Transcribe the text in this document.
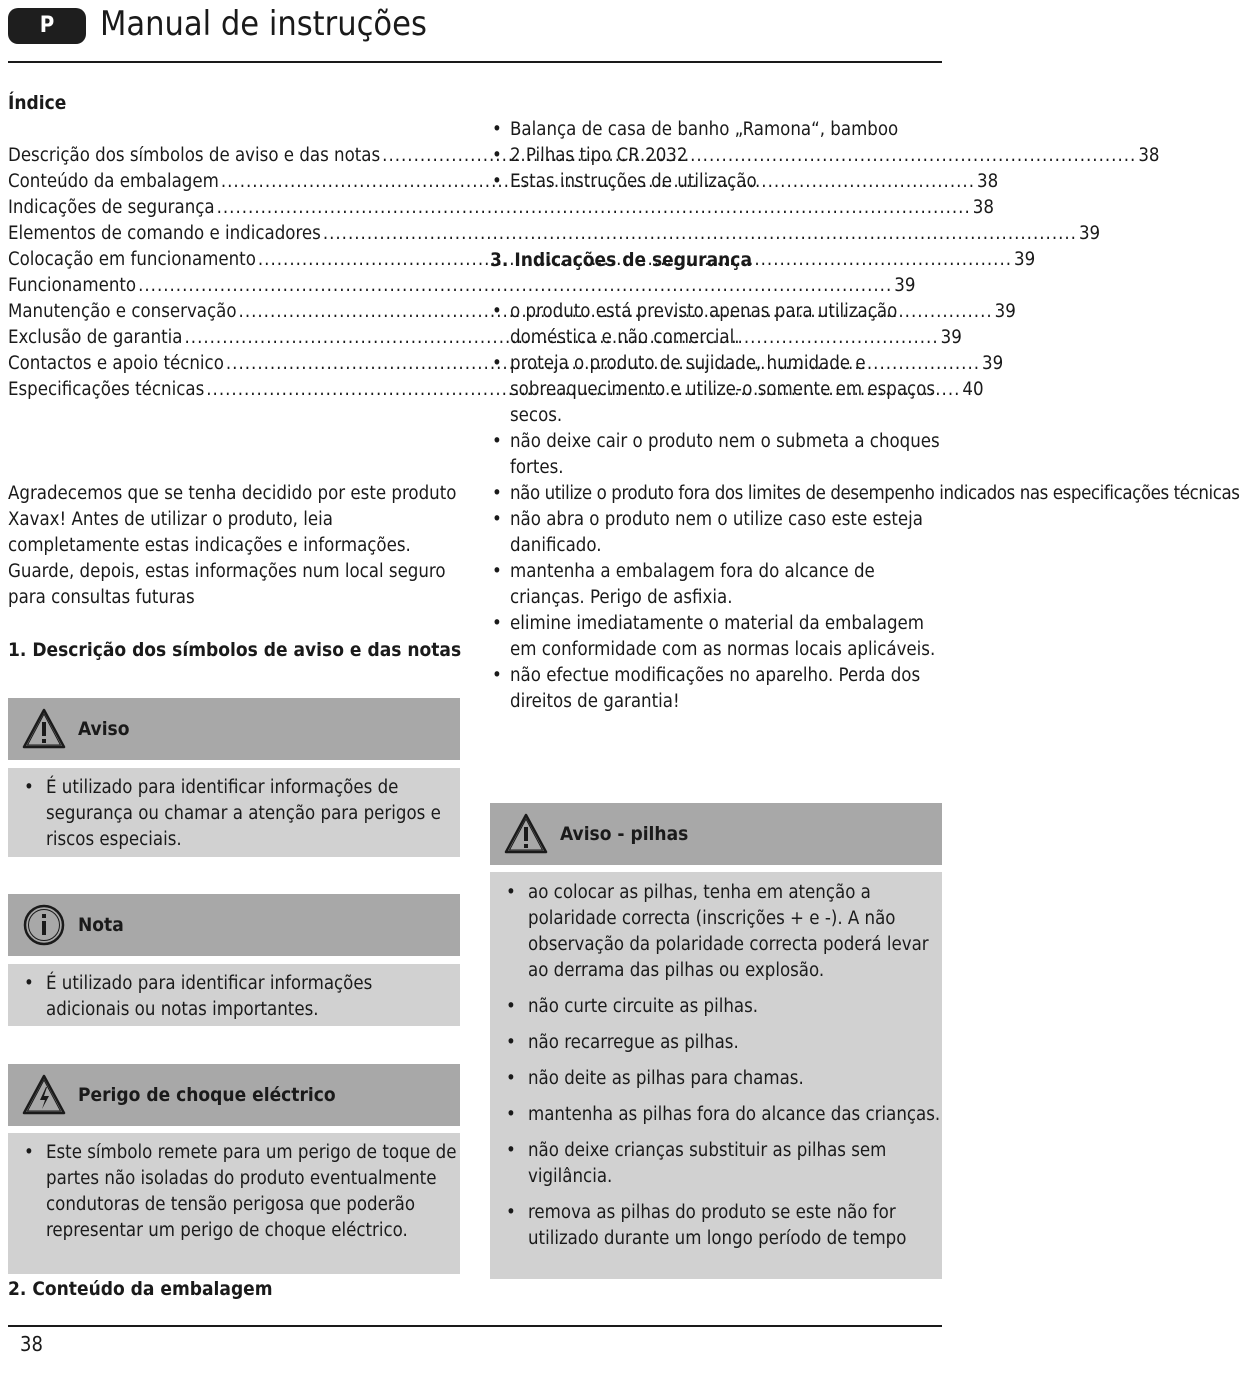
P	Manual de instruções
Índice
Descrição dos símbolos de aviso e das notas .....	38
Conteúdo da embalagem .....	38
Indicações de segurança .....	38
Elementos de comando e indicadores .....	39
Colocação em funcionamento .....	39
Funcionamento .....	39
Manutenção e conservação .....	39
Exclusão de garantia .....	39
Contactos e apoio técnico .....	39
Especificações técnicas .....	40
Agradecemos que se tenha decidido por este produto Xavax! Antes de utilizar o produto, leia completamente estas indicações e informações. Guarde, depois, estas informações num local seguro para consultas futuras
1. Descrição dos símbolos de aviso e das notas
Aviso
• É utilizado para identificar informações de segurança ou chamar a atenção para perigos e riscos especiais.
Nota
• É utilizado para identificar informações adicionais ou notas importantes.
Perigo de choque eléctrico
• Este símbolo remete para um perigo de toque de partes não isoladas do produto eventualmente condutoras de tensão perigosa que poderão representar um perigo de choque eléctrico.
2. Conteúdo da embalagem
• Balança de casa de banho „Ramona“, bamboo
• 2 Pilhas tipo CR 2032
• Estas instruções de utilização
3. Indicações de segurança
• o produto está previsto apenas para utilização doméstica e não comercial.
• proteja o produto de sujidade, humidade e sobreaquecimento e utilize-o somente em espaços secos.
• não deixe cair o produto nem o submeta a choques fortes.
• não utilize o produto fora dos limites de desempenho indicados nas especificações técnicas
• não abra o produto nem o utilize caso este esteja danificado.
• mantenha a embalagem fora do alcance de crianças. Perigo de asfixia.
• elimine imediatamente o material da embalagem em conformidade com as normas locais aplicáveis.
• não efectue modificações no aparelho. Perda dos direitos de garantia!
Aviso - pilhas
• ao colocar as pilhas, tenha em atenção a polaridade correcta (inscrições + e -). A não observação da polaridade correcta poderá levar ao derrama das pilhas ou explosão.
• não curte circuite as pilhas.
• não recarregue as pilhas.
• não deite as pilhas para chamas.
• mantenha as pilhas fora do alcance das crianças.
• não deixe crianças substituir as pilhas sem vigilância.
• remova as pilhas do produto se este não for utilizado durante um longo período de tempo
38
